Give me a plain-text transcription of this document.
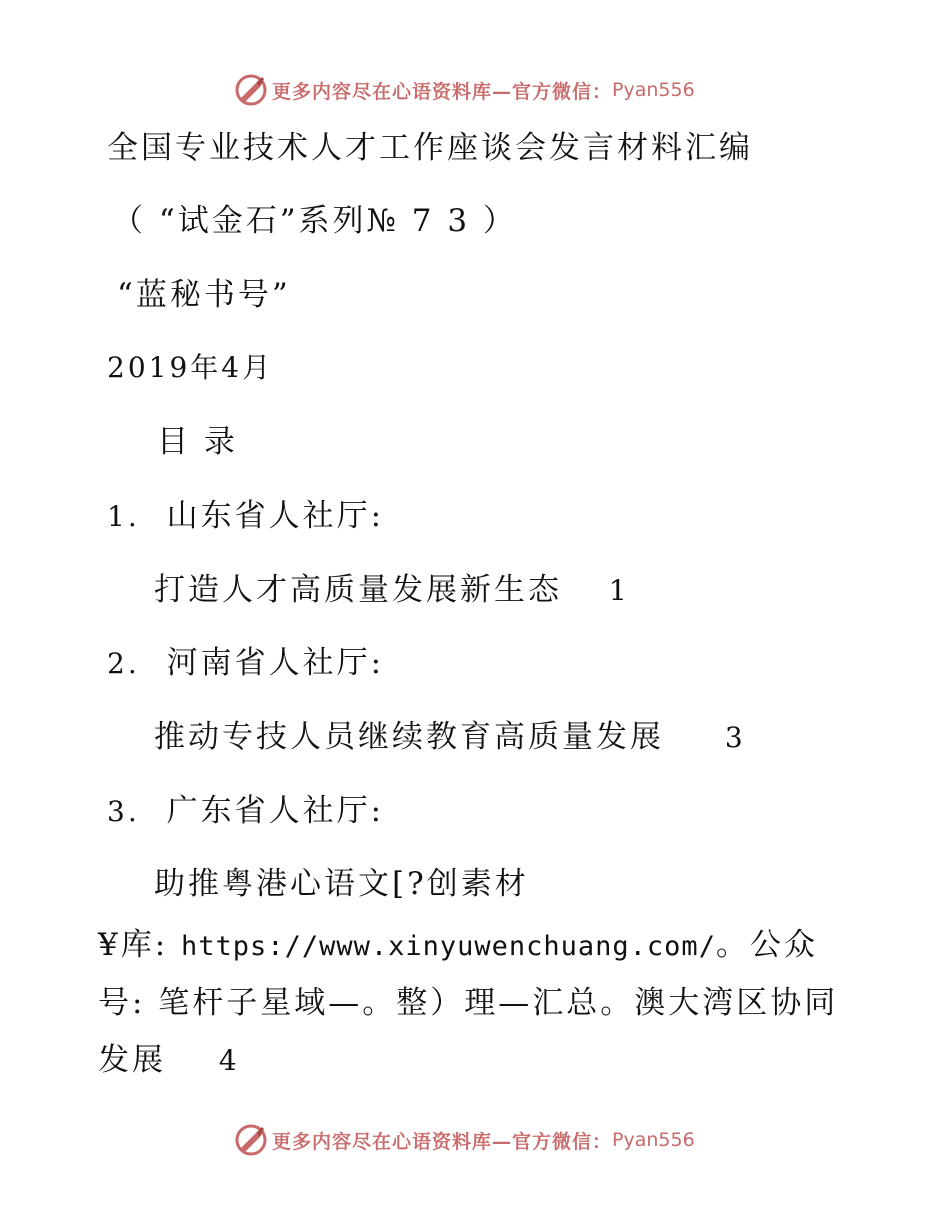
更多内容尽在心语资料库—官方微信： Pyan556
全国专业技术人才工作座谈会发言材料汇编
（ “试金石”系列№ 7 3 ）
“蓝秘书号”
2019年4月
目 录
1. 山东省人社厅:
打造人才高质量发展新生态 1
2. 河南省人社厅:
推动专技人员继续教育高质量发展 3
3. 广东省人社厅:
助推粤港心语文[?创素材
¥库: https://www.xinyuwenchuang.com/。公众
号: 笔杆子星域—。整）理—汇总。澳大湾区协同
发展 4
更多内容尽在心语资料库—官方微信： Pyan556
